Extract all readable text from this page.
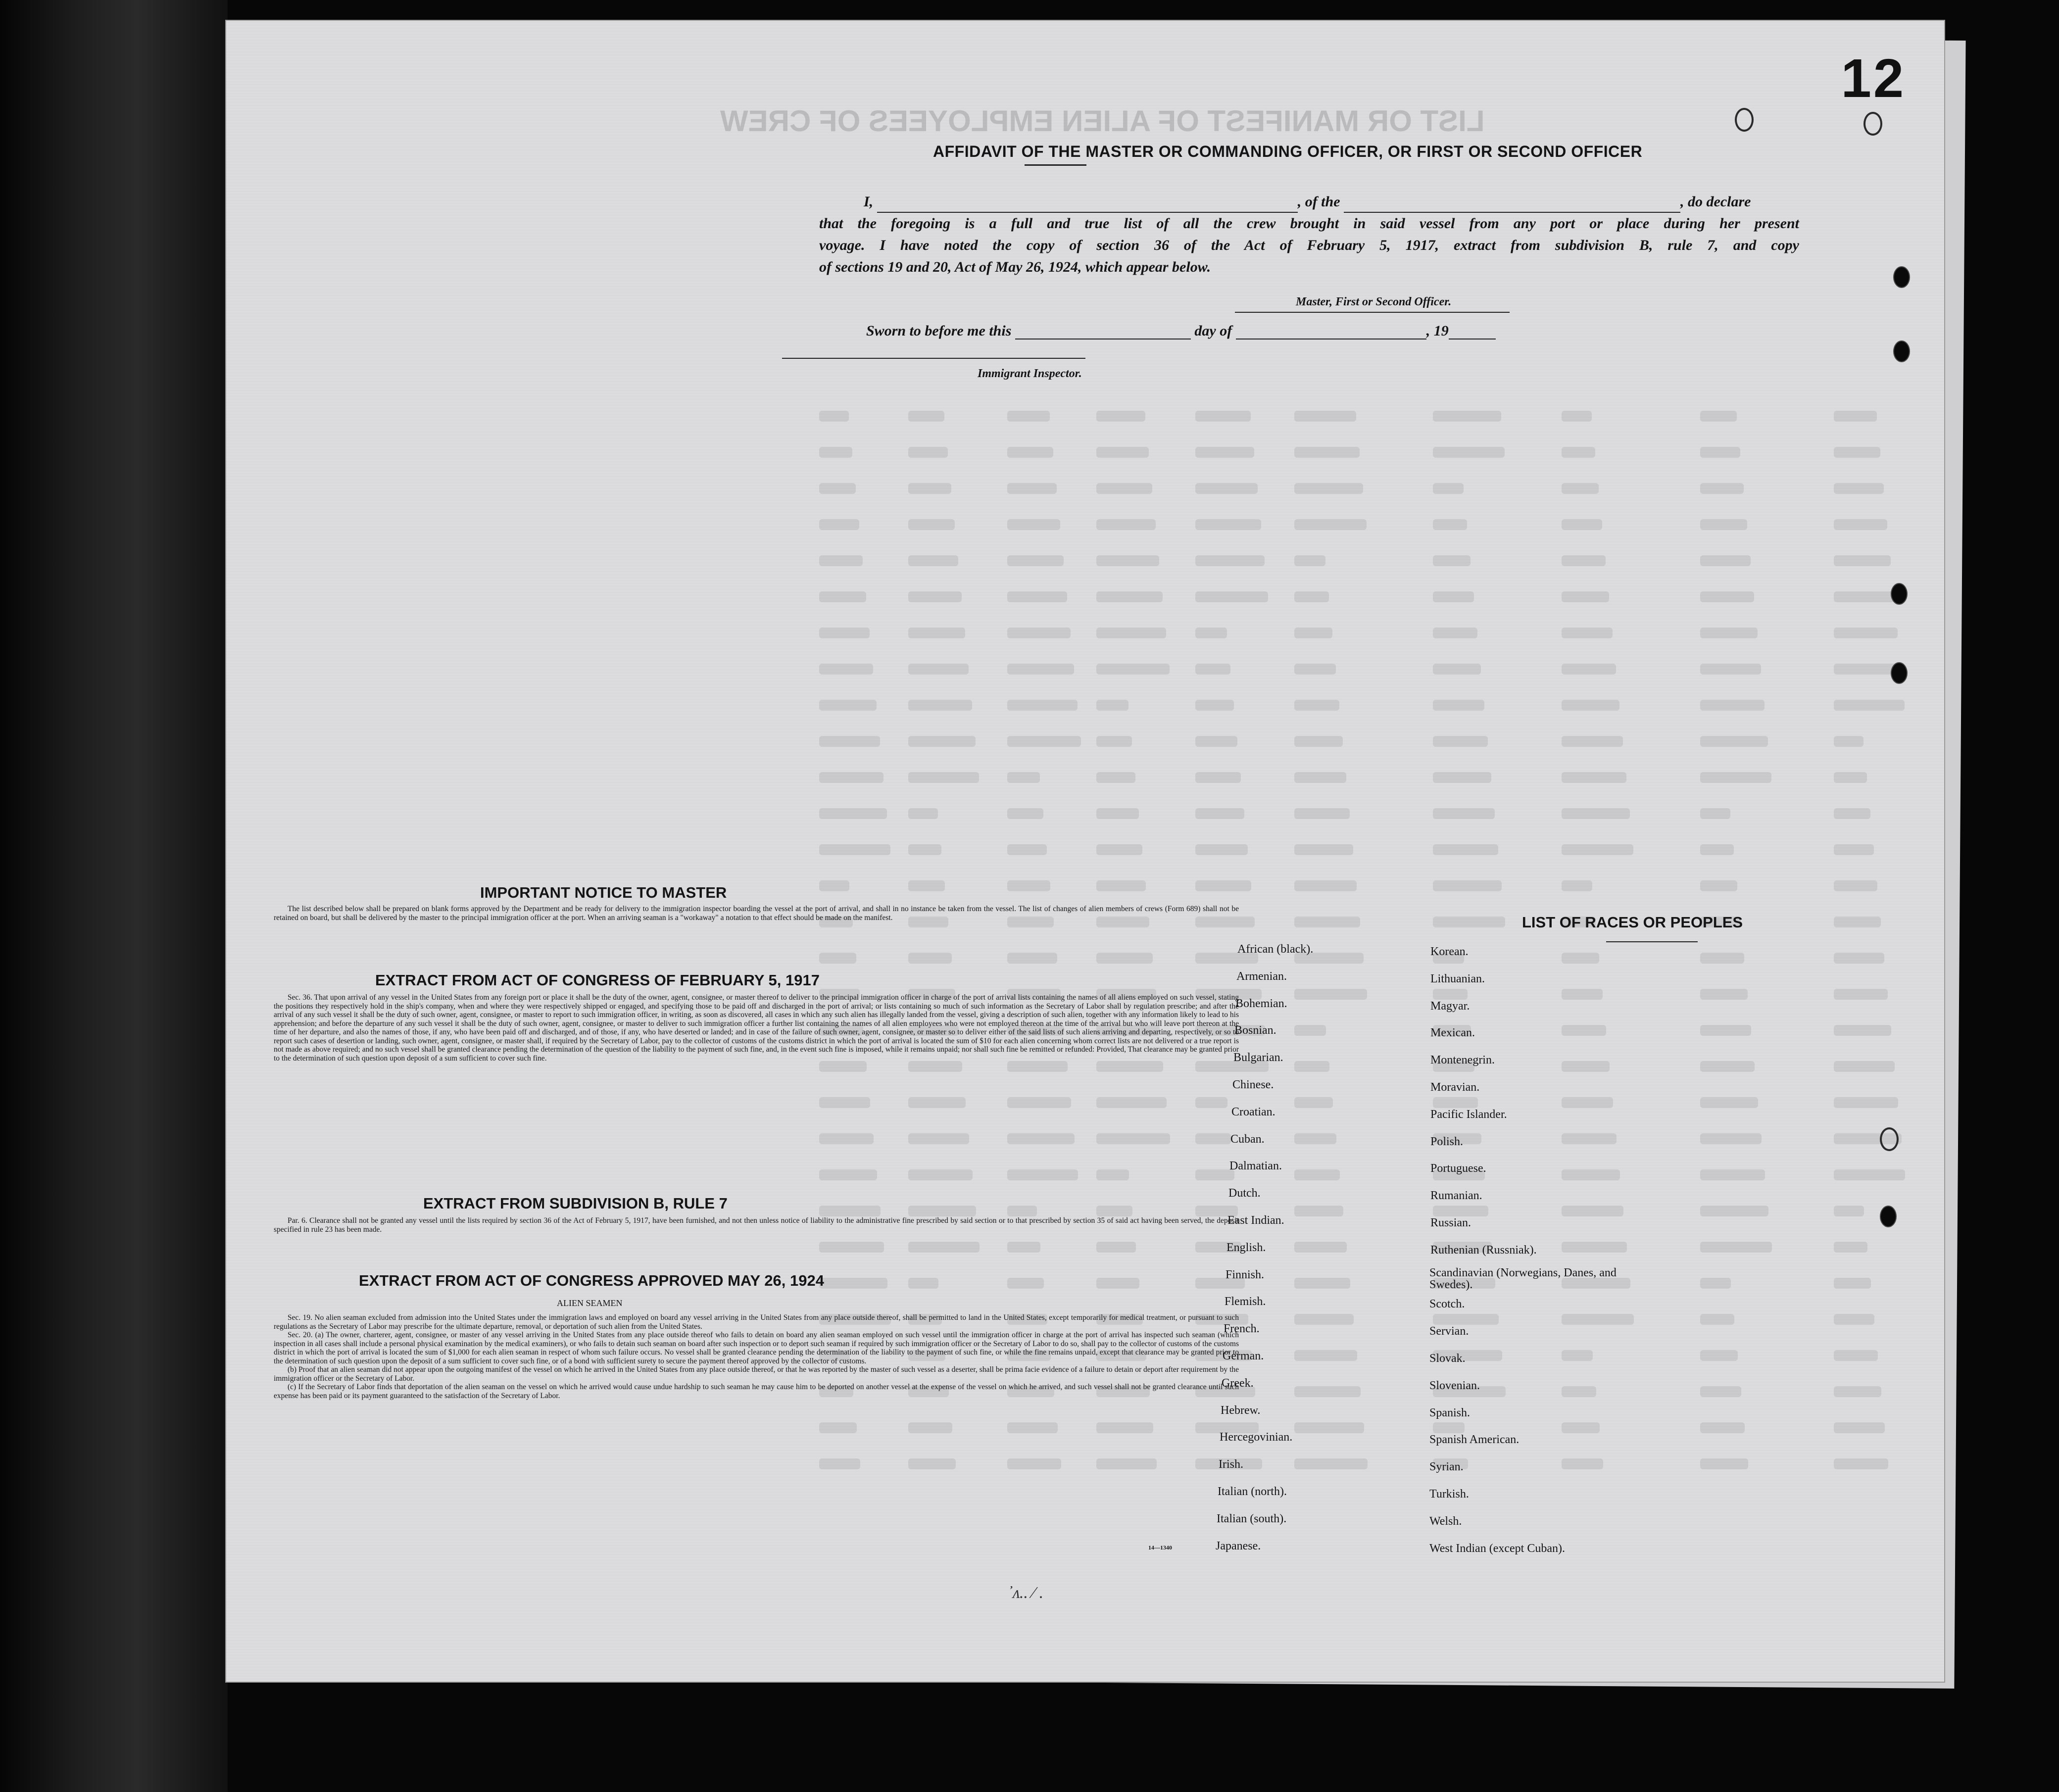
LIST OR MANIFEST OF ALIEN EMPLOYEES OF CREW
12
AFFIDAVIT OF THE MASTER OR COMMANDING OFFICER, OR FIRST OR SECOND OFFICER
I,	, of the	, do declare
that the foregoing is a full and true list of all the crew brought in said vessel from any port or place during her present
voyage. I have noted the copy of section 36 of the Act of February 5, 1917, extract from subdivision B, rule 7, and copy
of sections 19 and 20, Act of May 26, 1924, which appear below.
Master, First or Second Officer.
Sworn to before me this	day of	, 19
Immigrant Inspector.
IMPORTANT NOTICE TO MASTER

The list described below shall be prepared on blank forms approved by the Department and be ready for delivery to the immigration inspector boarding the vessel at the port of arrival, and shall in no instance be taken from the vessel. The list of changes of alien members of crews (Form 689) shall not be retained on board, but shall be delivered by the master to the principal immigration officer at the port. When an arriving seaman is a "workaway" a notation to that effect should be made on the manifest.

EXTRACT FROM ACT OF CONGRESS OF FEBRUARY 5, 1917

Sec. 36. That upon arrival of any vessel in the United States from any foreign port or place it shall be the duty of the owner, agent, consignee, or master thereof to deliver to the principal immigration officer in charge of the port of arrival lists containing the names of all aliens employed on such vessel, stating the positions they respectively hold in the ship's company, when and where they were respectively shipped or engaged, and specifying those to be paid off and discharged in the port of arrival; or lists containing so much of such information as the Secretary of Labor shall by regulation prescribe; and after the arrival of any such vessel it shall be the duty of such owner, agent, consignee, or master to report to such immigration officer, in writing, as soon as discovered, all cases in which any such alien has illegally landed from the vessel, giving a description of such alien, together with any information likely to lead to his apprehension; and before the departure of any such vessel it shall be the duty of such owner, agent, consignee, or master to deliver to such immigration officer a further list containing the names of all alien employees who were not employed thereon at the time of the arrival but who will leave port thereon at the time of her departure, and also the names of those, if any, who have been paid off and discharged, and of those, if any, who have deserted or landed; and in case of the failure of such owner, agent, consignee, or master so to deliver either of the said lists of such aliens arriving and departing, respectively, or so to report such cases of desertion or landing, such owner, agent, consignee, or master shall, if required by the Secretary of Labor, pay to the collector of customs of the customs district in which the port of arrival is located the sum of $10 for each alien concerning whom correct lists are not delivered or a true report is not made as above required; and no such vessel shall be granted clearance pending the determination of the question of the liability to the payment of such fine, and, in the event such fine is imposed, while it remains unpaid; nor shall such fine be remitted or refunded: Provided, That clearance may be granted prior to the determination of such question upon deposit of a sum sufficient to cover such fine.

EXTRACT FROM SUBDIVISION B, RULE 7

Par. 6. Clearance shall not be granted any vessel until the lists required by section 36 of the Act of February 5, 1917, have been furnished, and not then unless notice of liability to the administrative fine prescribed by said section or to that prescribed by section 35 of said act having been served, the deposit specified in rule 23 has been made.

EXTRACT FROM ACT OF CONGRESS APPROVED MAY 26, 1924
ALIEN SEAMEN

Sec. 19. No alien seaman excluded from admission into the United States under the immigration laws and employed on board any vessel arriving in the United States from any place outside thereof, shall be permitted to land in the United States, except temporarily for medical treatment, or pursuant to such regulations as the Secretary of Labor may prescribe for the ultimate departure, removal, or deportation of such alien from the United States.

Sec. 20. (a) The owner, charterer, agent, consignee, or master of any vessel arriving in the United States from any place outside thereof who fails to detain on board any alien seaman employed on such vessel until the immigration officer in charge at the port of arrival has inspected such seaman (which inspection in all cases shall include a personal physical examination by the medical examiners), or who fails to detain such seaman on board after such inspection or to deport such seaman if required by such immigration officer or the Secretary of Labor to do so, shall pay to the collector of customs of the customs district in which the port of arrival is located the sum of $1,000 for each alien seaman in respect of whom such failure occurs. No vessel shall be granted clearance pending the determination of the liability to the payment of such fine, or while the fine remains unpaid, except that clearance may be granted prior to the determination of such question upon the deposit of a sum sufficient to cover such fine, or of a bond with sufficient surety to secure the payment thereof approved by the collector of customs.

(b) Proof that an alien seaman did not appear upon the outgoing manifest of the vessel on which he arrived in the United States from any place outside thereof, or that he was reported by the master of such vessel as a deserter, shall be prima facie evidence of a failure to detain or deport after requirement by the immigration officer or the Secretary of Labor.

(c) If the Secretary of Labor finds that deportation of the alien seaman on the vessel on which he arrived would cause undue hardship to such seaman he may cause him to be deported on another vessel at the expense of the vessel on which he arrived, and such vessel shall not be granted clearance until such expense has been paid or its payment guaranteed to the satisfaction of the Secretary of Labor.

14—1340
᾽ᴧ.. ⁄ .
LIST OF RACES OR PEOPLES
African (black).
Armenian.
Bohemian.
Bosnian.
Bulgarian.
Chinese.
Croatian.
Cuban.
Dalmatian.
Dutch.
East Indian.
English.
Finnish.
Flemish.
French.
German.
Greek.
Hebrew.
Hercegovinian.
Irish.
Italian (north).
Italian (south).
Japanese.
Korean.
Lithuanian.
Magyar.
Mexican.
Montenegrin.
Moravian.
Pacific Islander.
Polish.
Portuguese.
Rumanian.
Russian.
Ruthenian (Russniak).
Scandinavian (Norwegians, Danes, and Swedes).
Scotch.
Servian.
Slovak.
Slovenian.
Spanish.
Spanish American.
Syrian.
Turkish.
Welsh.
West Indian (except Cuban).
